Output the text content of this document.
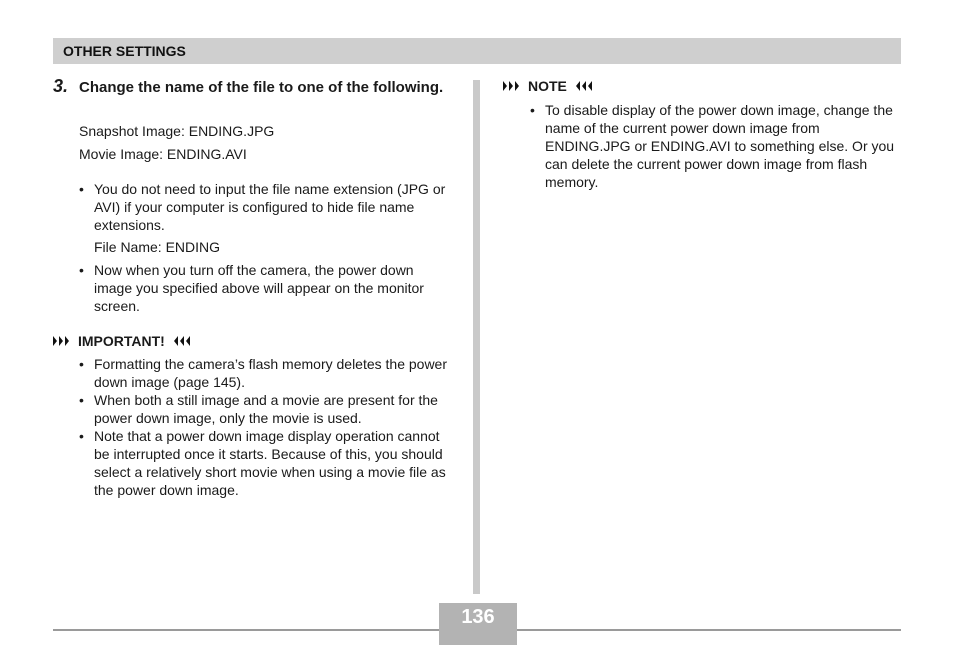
OTHER SETTINGS
3. Change the name of the file to one of the following.
Snapshot Image: ENDING.JPG
Movie Image: ENDING.AVI
• You do not need to input the file name extension (JPG or AVI) if your computer is configured to hide file name extensions.
File Name: ENDING
• Now when you turn off the camera, the power down image you specified above will appear on the monitor screen.
IMPORTANT!
• Formatting the camera’s flash memory deletes the power down image (page 145).
• When both a still image and a movie are present for the power down image, only the movie is used.
• Note that a power down image display operation cannot be interrupted once it starts. Because of this, you should select a relatively short movie when using a movie file as the power down image.
NOTE
• To disable display of the power down image, change the name of the current power down image from ENDING.JPG or ENDING.AVI to something else. Or you can delete the current power down image from flash memory.
136
